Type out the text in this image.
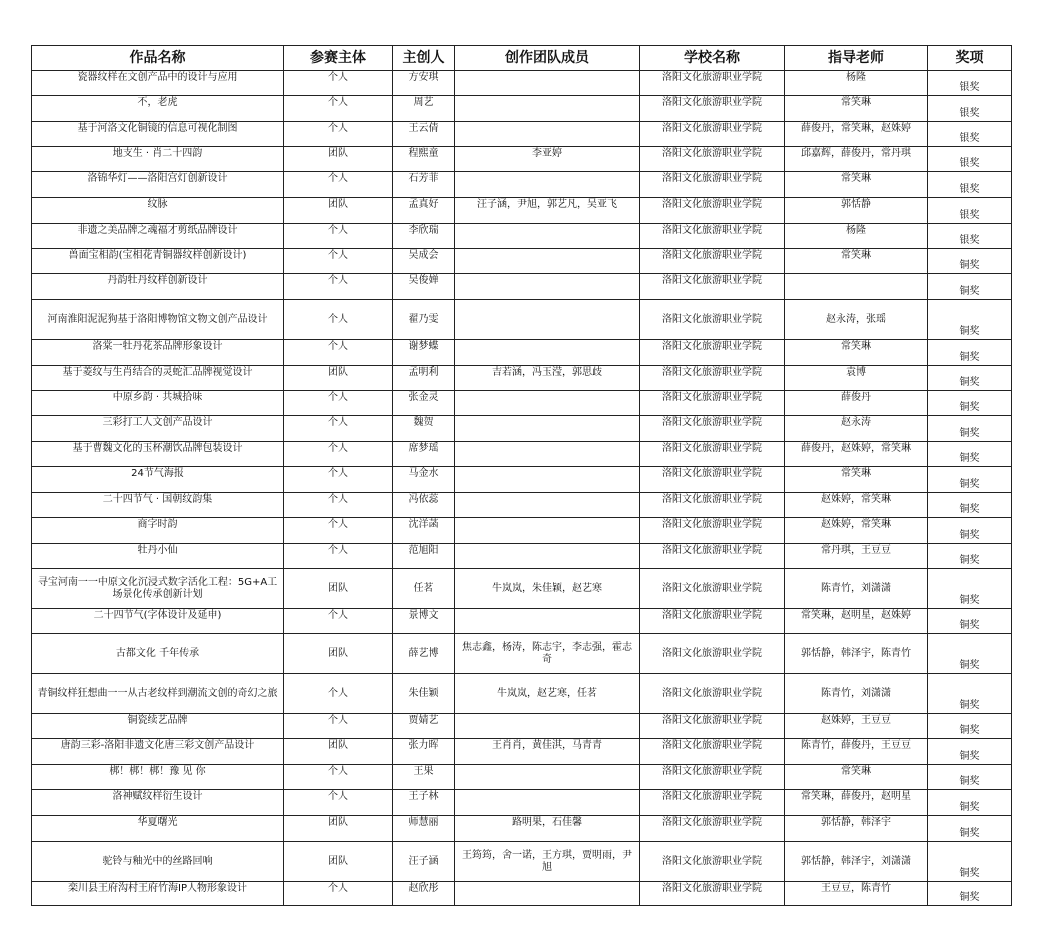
作品名称	参赛主体	主创人	创作团队成员	学校名称	指导老师	奖项
瓷器纹样在文创产品中的设计与应用	个人	方安琪		洛阳文化旅游职业学院	杨隆	银奖
不，老虎	个人	周艺		洛阳文化旅游职业学院	常笑琳	银奖
基于河洛文化铜镜的信息可视化制图	个人	王云倩		洛阳文化旅游职业学院	薛俊丹，常笑琳，赵姝婷	银奖
地支生 · 肖二十四韵	团队	程熙童	李亚婷	洛阳文化旅游职业学院	邱嘉辉，薛俊丹，常丹琪	银奖
洛锦华灯——洛阳宫灯创新设计	个人	石芳菲		洛阳文化旅游职业学院	常笑琳	银奖
纹脉	团队	孟真好	汪子涵，尹旭，郭艺凡，吴亚飞	洛阳文化旅游职业学院	郭恬静	银奖
非遗之美品牌之魂福才剪纸品牌设计	个人	李欣瑞		洛阳文化旅游职业学院	杨隆	银奖
兽面宝相韵(宝相花青铜器纹样创新设计)	个人	吴成会		洛阳文化旅游职业学院	常笑琳	铜奖
丹韵牡丹纹样创新设计	个人	吴俊婵		洛阳文化旅游职业学院		铜奖
河南淮阳泥泥狗基于洛阳博物馆文物文创产品设计	个人	翟乃雯		洛阳文化旅游职业学院	赵永涛，张瑶	铜奖
洛棠一牡丹花茶品牌形象设计	个人	谢梦蝶		洛阳文化旅游职业学院	常笑琳	铜奖
基于菱纹与生肖结合的灵蛇汇品牌视觉设计	团队	孟明利	吉若涵，冯玉滢，郭思歧	洛阳文化旅游职业学院	袁博	铜奖
中原乡韵 · 共城拾味	个人	张金灵		洛阳文化旅游职业学院	薛俊丹	铜奖
三彩打工人文创产品设计	个人	魏贺		洛阳文化旅游职业学院	赵永涛	铜奖
基于曹魏文化的玉杯潮饮品牌包装设计	个人	席梦瑶		洛阳文化旅游职业学院	薛俊丹，赵姝婷，常笑琳	铜奖
24节气海报	个人	马金水		洛阳文化旅游职业学院	常笑琳	铜奖
二十四节气 · 国朝纹韵集	个人	冯依蕊		洛阳文化旅游职业学院	赵姝婷，常笑琳	铜奖
商字时韵	个人	沈洋菡		洛阳文化旅游职业学院	赵姝婷，常笑琳	铜奖
牡丹小仙	个人	范旭阳		洛阳文化旅游职业学院	常丹琪，王豆豆	铜奖
寻宝河南一一中原文化沉浸式数字活化工程：5G+A工场景化传承创新计划	团队	任茗	牛岚岚，朱佳颖，赵艺寒	洛阳文化旅游职业学院	陈青竹，刘潇潇	铜奖
二十四节气(字体设计及延申)	个人	景博文		洛阳文化旅游职业学院	常笑琳，赵明星，赵姝婷	铜奖
古都文化 千年传承	团队	薛艺博	焦志鑫，杨涛，陈志宇，李志强，霍志奇	洛阳文化旅游职业学院	郭恬静，韩泽宇，陈青竹	铜奖
青铜纹样狂想曲一一从古老纹样到潮流文创的奇幻之旅	个人	朱佳颖	牛岚岚，赵艺寒，任茗	洛阳文化旅游职业学院	陈青竹，刘潇潇	铜奖
铜瓷续艺品牌	个人	贾婧艺		洛阳文化旅游职业学院	赵姝婷，王豆豆	铜奖
唐韵三彩-洛阳非遗文化唐三彩文创产品设计	团队	张力晖	王肖肖，黄佳淇，马青青	洛阳文化旅游职业学院	陈青竹，薛俊丹，王豆豆	铜奖
梆！梆！梆！豫 见 你	个人	王果		洛阳文化旅游职业学院	常笑琳	铜奖
洛神赋纹样衍生设计	个人	王子林		洛阳文化旅游职业学院	常笑琳，薛俊丹，赵明星	铜奖
华夏曙光	团队	师慧丽	路明果，石佳馨	洛阳文化旅游职业学院	郭恬静，韩泽宇	铜奖
驼铃与釉光中的丝路回响	团队	汪子涵	王筠筠，舍一诺，王方琪，贾明雨，尹旭	洛阳文化旅游职业学院	郭恬静，韩泽宇，刘潇潇	铜奖
栾川县王府沟村王府竹海IP人物形象设计	个人	赵欣彤		洛阳文化旅游职业学院	王豆豆，陈青竹	铜奖
